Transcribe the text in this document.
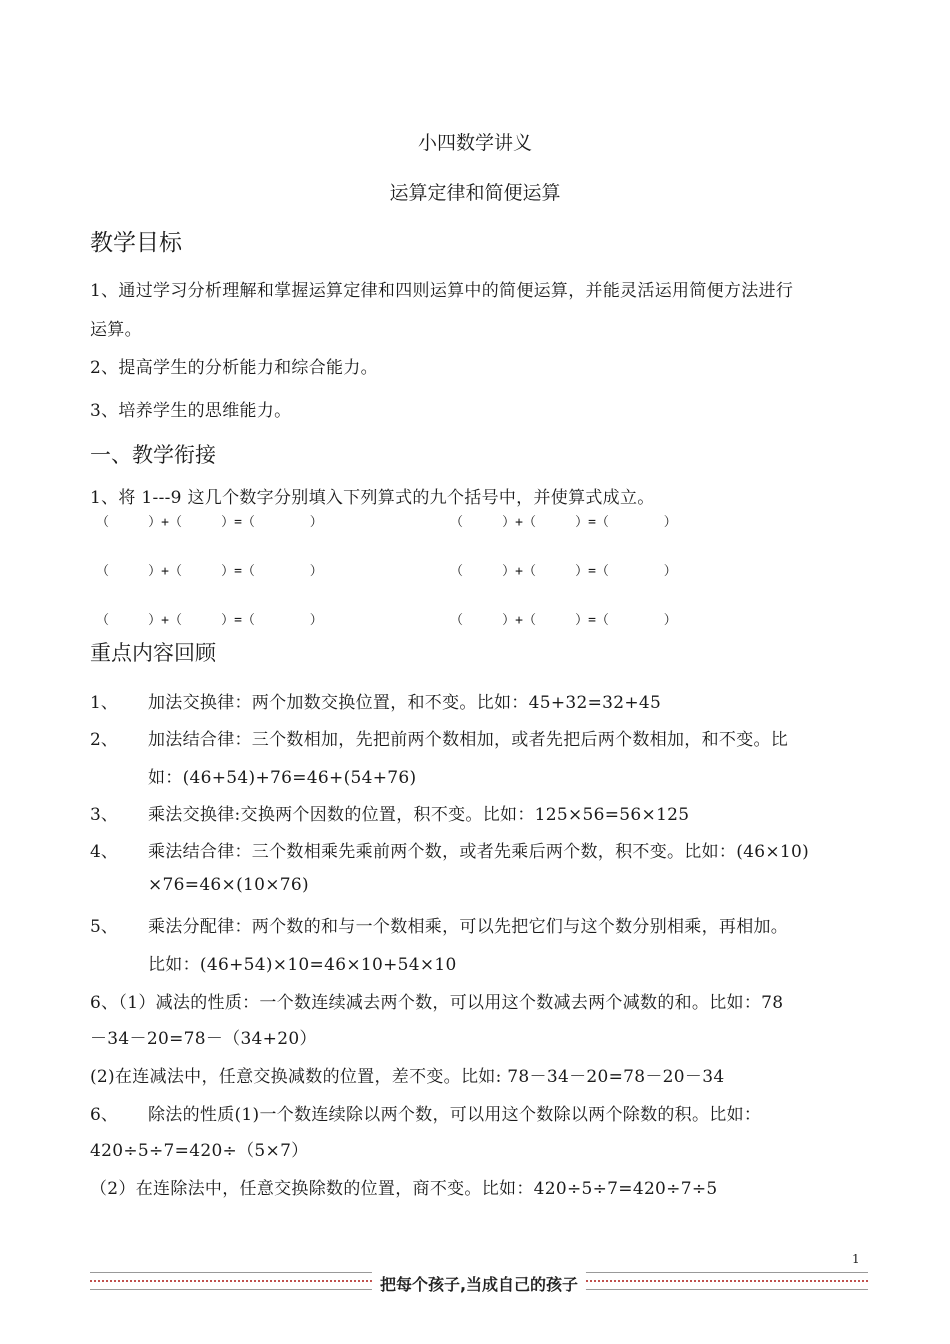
小四数学讲义
运算定律和简便运算
教学目标
1、通过学习分析理解和掌握运算定律和四则运算中的简便运算，并能灵活运用简便方法进行
运算。
2、提高学生的分析能力和综合能力。
3、培养学生的思维能力。
一、教学衔接
1、将 1---9 这几个数字分别填入下列算式的九个括号中，并使算式成立。
（     ）+（     ）=（       ）	（     ）+（     ）=（       ）
（     ）+（     ）=（       ）	（     ）+（     ）=（       ）
（     ）+（     ）=（       ）	（     ）+（     ）=（       ）
重点内容回顾
1、 加法交换律：两个加数交换位置，和不变。比如：45+32=32+45
2、 加法结合律：三个数相加，先把前两个数相加，或者先把后两个数相加，和不变。比
如：(46+54)+76=46+(54+76)
3、 乘法交换律:交换两个因数的位置，积不变。比如：125×56=56×125
4、 乘法结合律：三个数相乘先乘前两个数，或者先乘后两个数，积不变。比如：(46×10)
×76=46×(10×76)
5、 乘法分配律：两个数的和与一个数相乘，可以先把它们与这个数分别相乘，再相加。
比如：(46+54)×10=46×10+54×10
6、（1）减法的性质：一个数连续减去两个数，可以用这个数减去两个减数的和。比如：78
－34－20=78－（34+20）
(2)在连减法中，任意交换减数的位置，差不变。比如: 78－34－20=78－20－34
6、 除法的性质(1)一个数连续除以两个数，可以用这个数除以两个除数的积。比如：
420÷5÷7=420÷（5×7）
（2）在连除法中，任意交换除数的位置，商不变。比如：420÷5÷7=420÷7÷5
1
把每个孩子,当成自己的孩子
